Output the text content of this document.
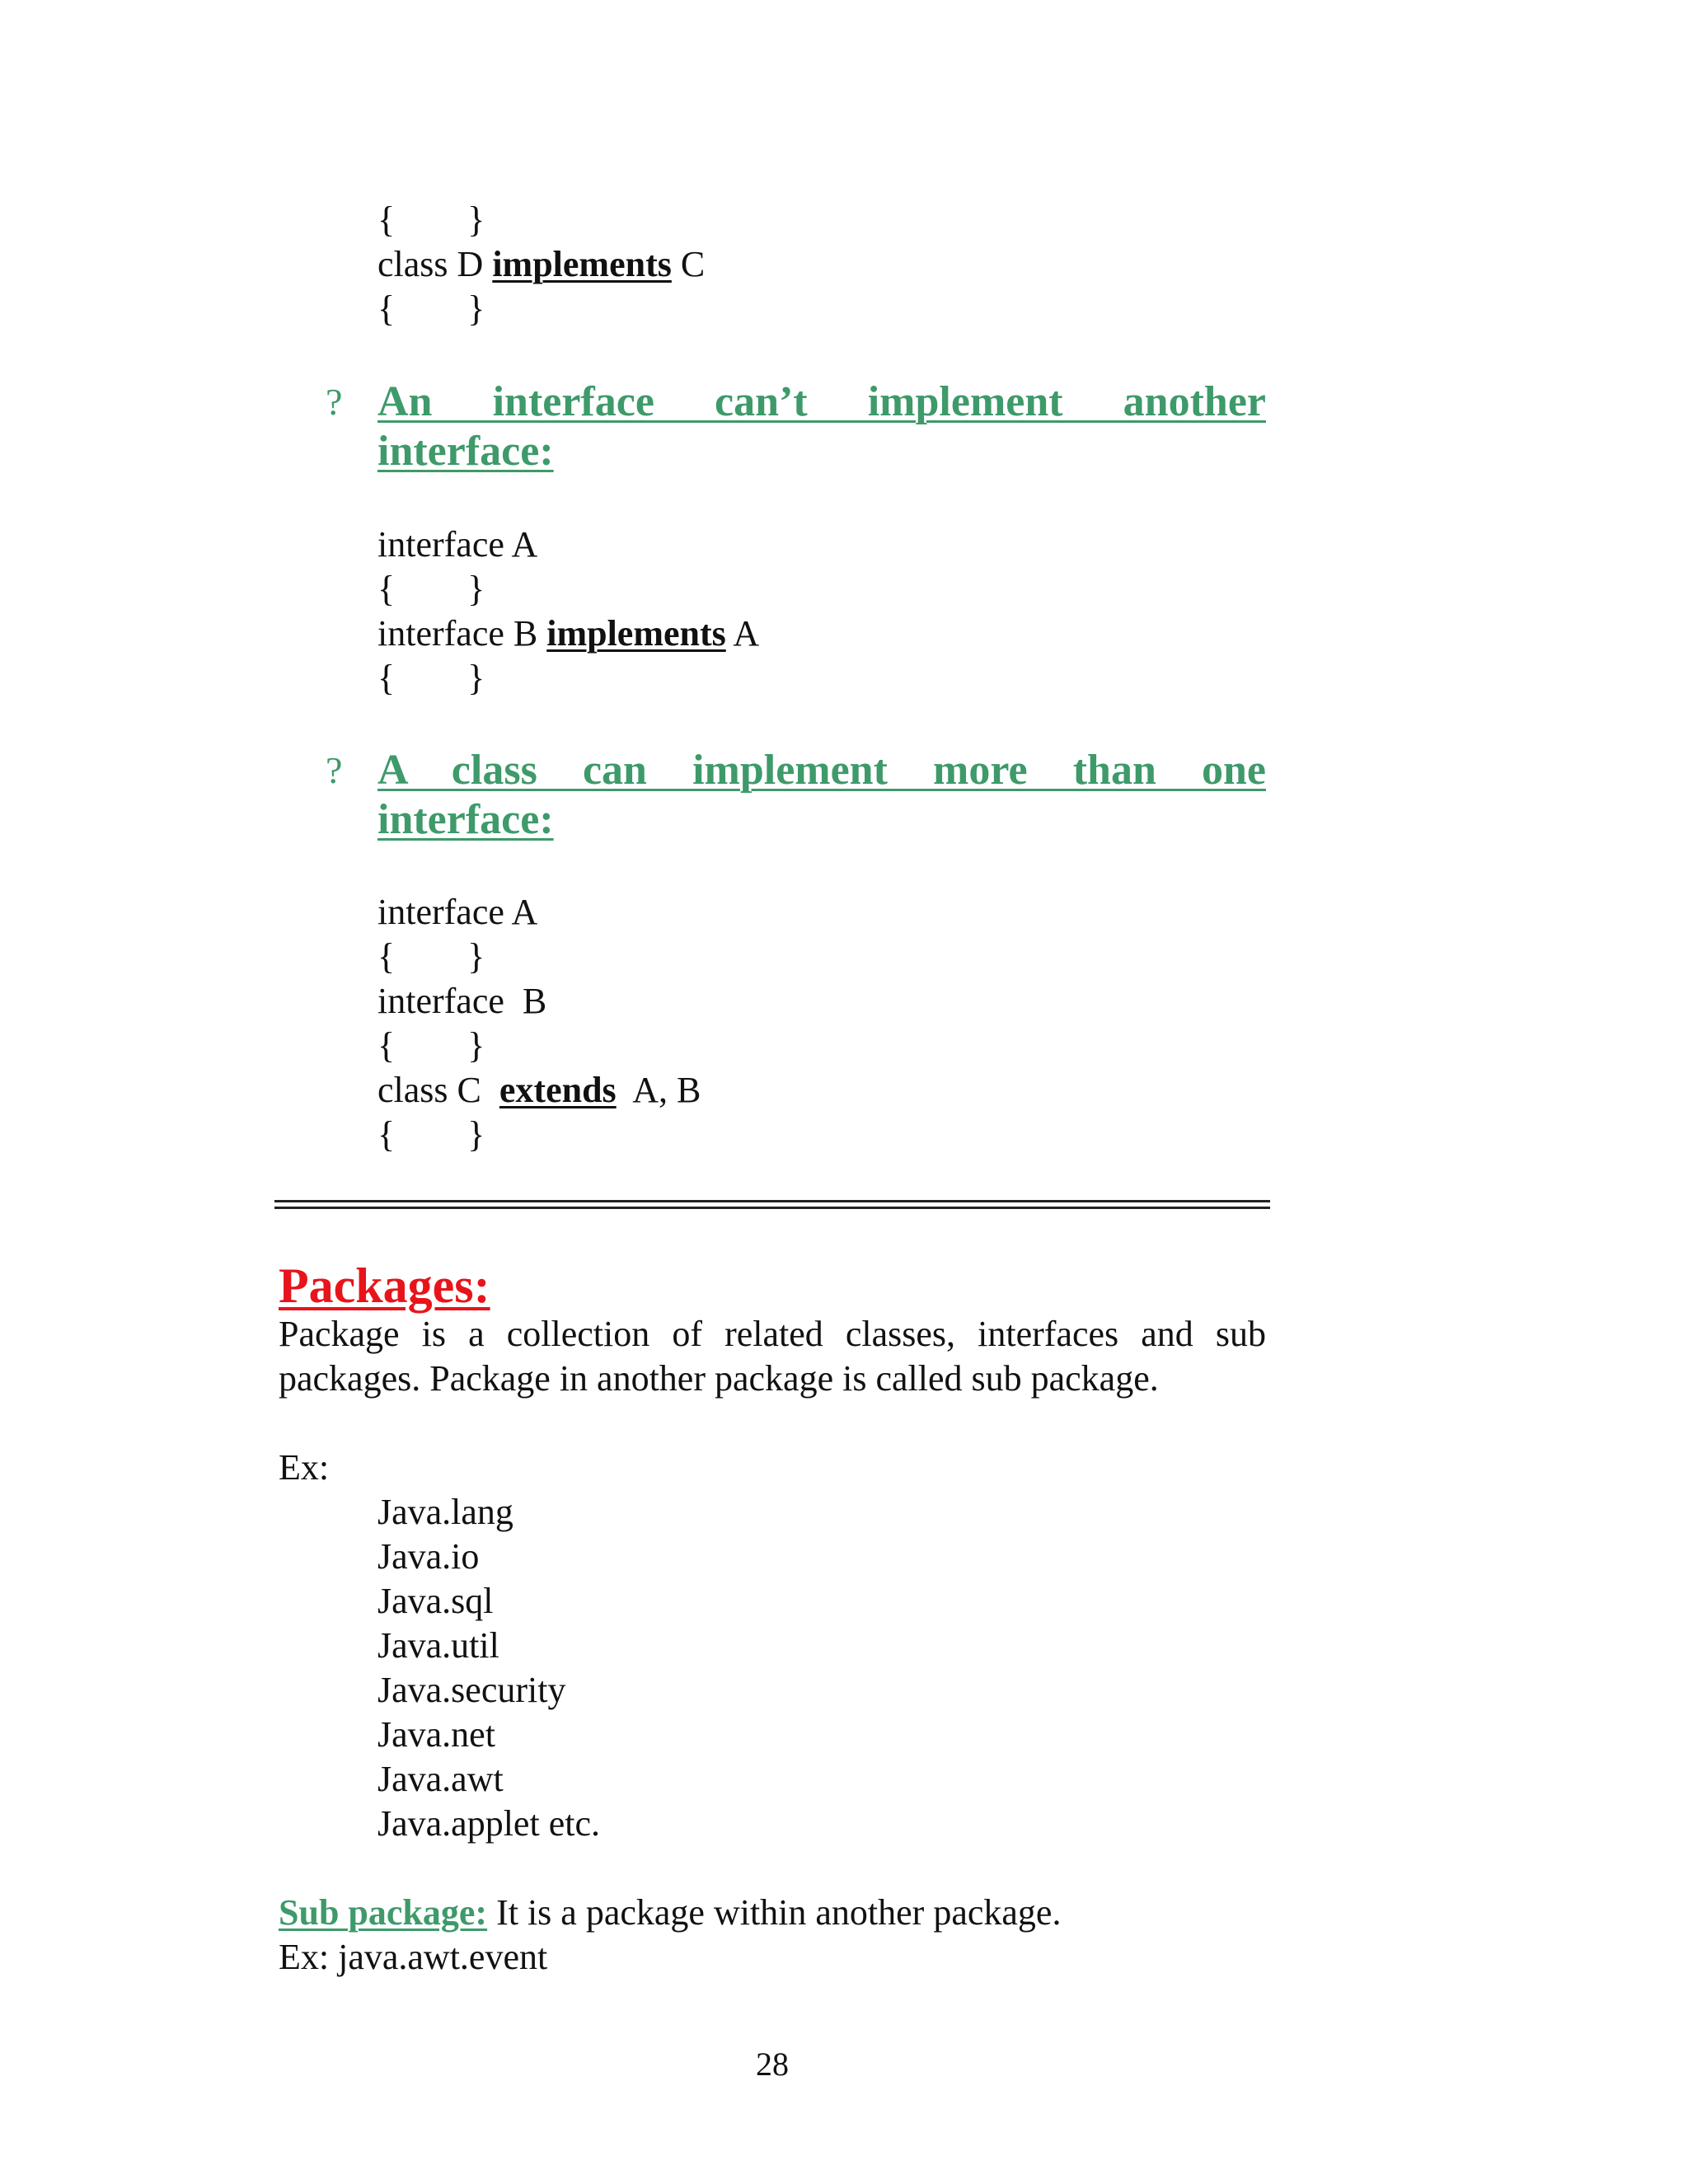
{        }
class D implements C
{        }
? An interface can’t implement another
interface:
interface A
{        }
interface B implements A
{        }
? A class can implement more than one
interface:
interface A
{        }
interface  B
{        }
class C  extends  A, B
{        }
Packages:
Package is a collection of related classes, interfaces and sub
packages. Package in another package is called sub package.
Ex:
Java.lang
Java.io
Java.sql
Java.util
Java.security
Java.net
Java.awt
Java.applet etc.
Sub package: It is a package within another package.
Ex: java.awt.event
28
